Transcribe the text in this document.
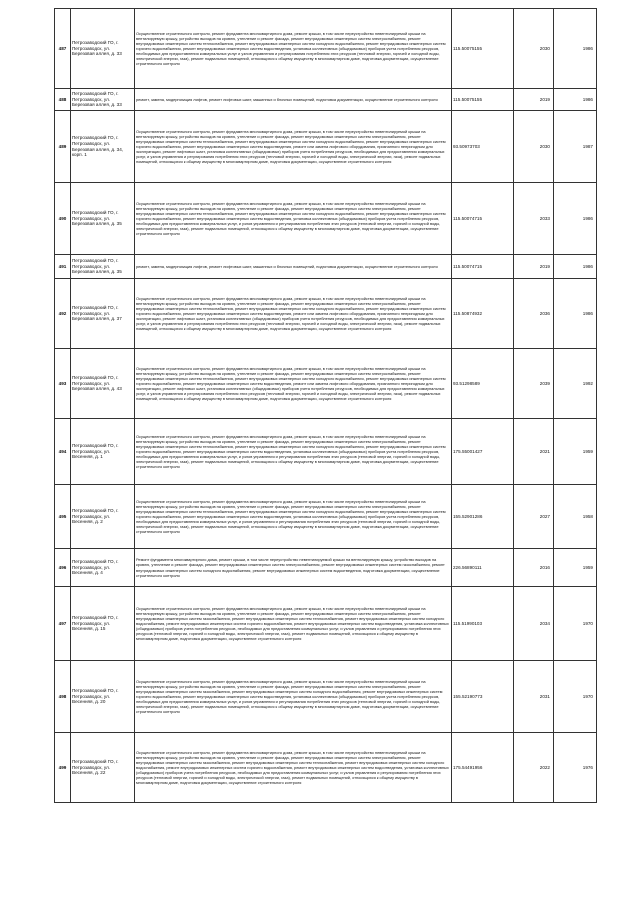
487	Петрозаводский ГО, г. Петрозаводск, ул. Березовая аллея, д. 33	Осуществление строительного контроля, ремонт фундамента многоквартирного дома, ремонт крыши, в том числе переустройство невентилируемой крыши на вентилируемую крышу, устройство выходов на кровлю, утепление и ремонт фасада, ремонт внутридомовых инженерных систем электроснабжения, ремонт внутридомовых инженерных систем теплоснабжения, ремонт внутридомовых инженерных систем холодного водоснабжения, ремонт внутридомовых инженерных систем горячего водоснабжения, ремонт внутридомовых инженерных систем водоотведения, установка коллективных (общедомовых) приборов учета потребления ресурсов, необходимых для предоставления коммунальных услуг и узлов управления и регулирования потребления этих ресурсов (тепловой энергии, горячей и холодной воды, электрической энергии, газа), ремонт подвальных помещений, относящихся к общему имуществу в многоквартирном доме, подготовка документации, осуществление строительного контроля	115.50075155	2030	1986
488	Петрозаводский ГО, г. Петрозаводск, ул. Березовая аллея, д. 33	ремонт, замена, модернизация лифтов, ремонт лифтовых шахт, машинных и блочных помещений, подготовка документации, осуществление строительного контроля	115.50075155	2019	1986
489	Петрозаводский ГО, г. Петрозаводск, ул. Березовая аллея, д. 34, корп. 1	Осуществление строительного контроля, ремонт фундамента многоквартирного дома, ремонт крыши, в том числе переустройство невентилируемой крыши на вентилируемую крышу, устройство выходов на кровлю, утепление и ремонт фасада, ремонт внутридомовых инженерных систем электроснабжения, ремонт внутридомовых инженерных систем теплоснабжения, ремонт внутридомовых инженерных систем холодного водоснабжения, ремонт внутридомовых инженерных систем горячего водоснабжения, ремонт внутридомовых инженерных систем водоотведения, ремонт или замена лифтового оборудования, признанного непригодным для эксплуатации, ремонт лифтовых шахт, установка коллективных (общедомовых) приборов учета потребления ресурсов, необходимых для предоставления коммунальных услуг, и узлов управления и регулирования потребления этих ресурсов (тепловой энергии, горячей и холодной воды, электрической энергии, газа), ремонт подвальных помещений, относящихся к общему имуществу в многоквартирном доме, подготовка документации, осуществление строительного контроля	93.50973703	2030	1987
490	Петрозаводский ГО, г. Петрозаводск, ул. Березовая аллея, д. 35	Осуществление строительного контроля, ремонт фундамента многоквартирного дома, ремонт крыши, в том числе переустройство невентилируемой крыши на вентилируемую крышу, устройство выходов на кровлю, утепление и ремонт фасада, ремонт внутридомовых инженерных систем электроснабжения, ремонт внутридомовых инженерных систем теплоснабжения, ремонт внутридомовых инженерных систем холодного водоснабжения, ремонт внутридомовых инженерных систем горячего водоснабжения, ремонт внутридомовых инженерных систем водоотведения, установка коллективных (общедомовых) приборов учета потребления ресурсов, необходимых для предоставления коммунальных услуг, и узлов управления и регулирования потребления этих ресурсов (тепловой энергии, горячей и холодной воды, электрической энергии, газа), ремонт подвальных помещений, относящихся к общему имуществу в многоквартирном доме, подготовка документации, осуществление строительного контроля	115.50074715	2033	1986
491	Петрозаводский ГО, г. Петрозаводск, ул. Березовая аллея, д. 35	ремонт, замена, модернизация лифтов, ремонт лифтовых шахт, машинных и блочных помещений, подготовка документации, осуществление строительного контроля	115.50074715	2019	1986
492	Петрозаводский ГО, г. Петрозаводск, ул. Березовая аллея, д. 37	Осуществление строительного контроля, ремонт фундамента многоквартирного дома, ремонт крыши, в том числе переустройство невентилируемой крыши на вентилируемую крышу, устройство выходов на кровлю, утепление и ремонт фасада, ремонт внутридомовых инженерных систем электроснабжения, ремонт внутридомовых инженерных систем теплоснабжения, ремонт внутридомовых инженерных систем холодного водоснабжения, ремонт внутридомовых инженерных систем горячего водоснабжения, ремонт внутридомовых инженерных систем водоотведения, ремонт или замена лифтового оборудования, признанного непригодным для эксплуатации, ремонт лифтовых шахт, установка коллективных (общедомовых) приборов учета потребления ресурсов, необходимых для предоставления коммунальных услуг, и узлов управления и регулирования потребления этих ресурсов (тепловой энергии, горячей и холодной воды, электрической энергии, газа), ремонт подвальных помещений, относящихся к общему имуществу в многоквартирном доме, подготовка документации, осуществление строительного контроля	115.50874932	2036	1986
493	Петрозаводский ГО, г. Петрозаводск, ул. Березовая аллея, д. 43	Осуществление строительного контроля, ремонт фундамента многоквартирного дома, ремонт крыши, в том числе переустройство невентилируемой крыши на вентилируемую крышу, устройство выходов на кровлю, утепление и ремонт фасада, ремонт внутридомовых инженерных систем электроснабжения, ремонт внутридомовых инженерных систем теплоснабжения, ремонт внутридомовых инженерных систем холодного водоснабжения, ремонт внутридомовых инженерных систем горячего водоснабжения, ремонт внутридомовых инженерных систем водоотведения, ремонт или замена лифтового оборудования, признанного непригодным для эксплуатации, ремонт лифтовых шахт, установка коллективных (общедомовых) приборов учета потребления ресурсов, необходимых для предоставления коммунальных услуг, и узлов управления и регулирования потребления этих ресурсов (тепловой энергии, горячей и холодной воды, электрической энергии, газа), ремонт подвальных помещений, относящихся к общему имуществу в многоквартирном доме, подготовка документации, осуществление строительного контроля	93.51298589	2039	1992
494	Петрозаводский ГО, г. Петрозаводск, ул. Весенняя, д. 1	Осуществление строительного контроля, ремонт фундамента многоквартирного дома, ремонт крыши, в том числе переустройство невентилируемой крыши на вентилируемую крышу, устройство выходов на кровлю, утепление и ремонт фасада, ремонт внутридомовых инженерных систем электроснабжения, ремонт внутридомовых инженерных систем теплоснабжения, ремонт внутридомовых инженерных систем холодного водоснабжения, ремонт внутридомовых инженерных систем горячего водоснабжения, ремонт внутридомовых инженерных систем водоотведения, установка коллективных (общедомовых) приборов учета потребления ресурсов, необходимых для предоставления коммунальных услуг, и узлов управления и регулирования потребления этих ресурсов (тепловой энергии, горячей и холодной воды, электрической энергии, газа), ремонт подвальных помещений, относящихся к общему имуществу в многоквартирном доме, подготовка документации, осуществление строительного контроля	175.55001427	2021	1959
495	Петрозаводский ГО, г. Петрозаводск, ул. Весенняя, д. 2	Осуществление строительного контроля, ремонт фундамента многоквартирного дома, ремонт крыши, в том числе переустройство невентилируемой крыши на вентилируемую крышу, устройство выходов на кровлю, утепление и ремонт фасада, ремонт внутридомовых инженерных систем электроснабжения, ремонт внутридомовых инженерных систем теплоснабжения, ремонт внутридомовых инженерных систем холодного водоснабжения, ремонт внутридомовых инженерных систем горячего водоснабжения, ремонт внутридомовых инженерных систем водоотведения, установка коллективных (общедомовых) приборов учета потребления ресурсов, необходимых для предоставления коммунальных услуг, и узлов управления и регулирования потребления этих ресурсов (тепловой энергии, горячей и холодной воды, электрической энергии, газа), ремонт подвальных помещений, относящихся к общему имуществу в многоквартирном доме, подготовка документации, осуществление строительного контроля	155.52901286	2027	1958
496	Петрозаводский ГО, г. Петрозаводск, ул. Весенняя, д. 4	Ремонт фундамента многоквартирного дома, ремонт крыши, в том числе переустройство невентилируемой крыши на вентилируемую крышу, устройство выходов на кровлю, утепление и ремонт фасада, ремонт внутридомовых инженерных систем электроснабжения, ремонт внутридомовых инженерных систем газоснабжения, ремонт внутридомовых инженерных систем холодного водоснабжения, ремонт внутридомовых инженерных систем водоотведения, подготовка документации, осуществление строительного контроля	226.56890111	2016	1959
497	Петрозаводский ГО, г. Петрозаводск, ул. Весенняя, д. 15	Осуществление строительного контроля, ремонт фундамента многоквартирного дома, ремонт крыши, в том числе переустройство невентилируемой крыши на вентилируемую крышу, устройство выходов на кровлю, утепление и ремонт фасада, ремонт внутридомовых инженерных систем электроснабжения, ремонт внутридомовых инженерных систем газоснабжения, ремонт внутридомовых инженерных систем теплоснабжения, ремонт внутридомовых инженерных систем холодного водоснабжения, ремонт внутридомовых инженерных систем горячего водоснабжения, ремонт внутридомовых инженерных систем водоотведения, установка коллективных (общедомовых) приборов учета потребления ресурсов, необходимых для предоставления коммунальных услуг, и узлов управления и регулирования потребления этих ресурсов (тепловой энергии, горячей и холодной воды, электрической энергии, газа), ремонт подвальных помещений, относящихся к общему имуществу в многоквартирном доме, подготовка документации, осуществление строительного контроля	115.51990103	2034	1970
498	Петрозаводский ГО, г. Петрозаводск, ул. Весенняя, д. 20	Осуществление строительного контроля, ремонт фундамента многоквартирного дома, ремонт крыши, в том числе переустройство невентилируемой крыши на вентилируемую крышу, устройство выходов на кровлю, утепление и ремонт фасада, ремонт внутридомовых инженерных систем электроснабжения, ремонт внутридомовых инженерных систем газоснабжения, ремонт внутридомовых инженерных систем холодного водоснабжения, ремонт внутридомовых инженерных систем горячего водоснабжения, ремонт внутридомовых инженерных систем водоотведения, установка коллективных (общедомовых) приборов учета потребления ресурсов, необходимых для предоставления коммунальных услуг, и узлов управления и регулирования потребления этих ресурсов (тепловой энергии, горячей и холодной воды, электрической энергии, газа), ремонт подвальных помещений, относящихся к общему имуществу в многоквартирном доме, подготовка документации, осуществление строительного контроля	155.52190773	2031	1970
499	Петрозаводский ГО, г. Петрозаводск, ул. Весенняя, д. 22	Осуществление строительного контроля, ремонт фундамента многоквартирного дома, ремонт крыши, в том числе переустройство невентилируемой крыши на вентилируемую крышу, устройство выходов на кровлю, утепление и ремонт фасада, ремонт внутридомовых инженерных систем электроснабжения, ремонт внутридомовых инженерных систем газоснабжения, ремонт внутридомовых инженерных систем теплоснабжения, ремонт внутридомовых инженерных систем холодного водоснабжения, ремонт внутридомовых инженерных систем горячего водоснабжения, ремонт внутридомовых инженерных систем водоотведения, установка коллективных (общедомовых) приборов учета потребления ресурсов, необходимых для предоставления коммунальных услуг, и узлов управления и регулирования потребления этих ресурсов (тепловой энергии, горячей и холодной воды, электрической энергии, газа), ремонт подвальных помещений, относящихся к общему имуществу в многоквартирном доме, подготовка документации, осуществление строительного контроля	175.54491956	2022	1976
